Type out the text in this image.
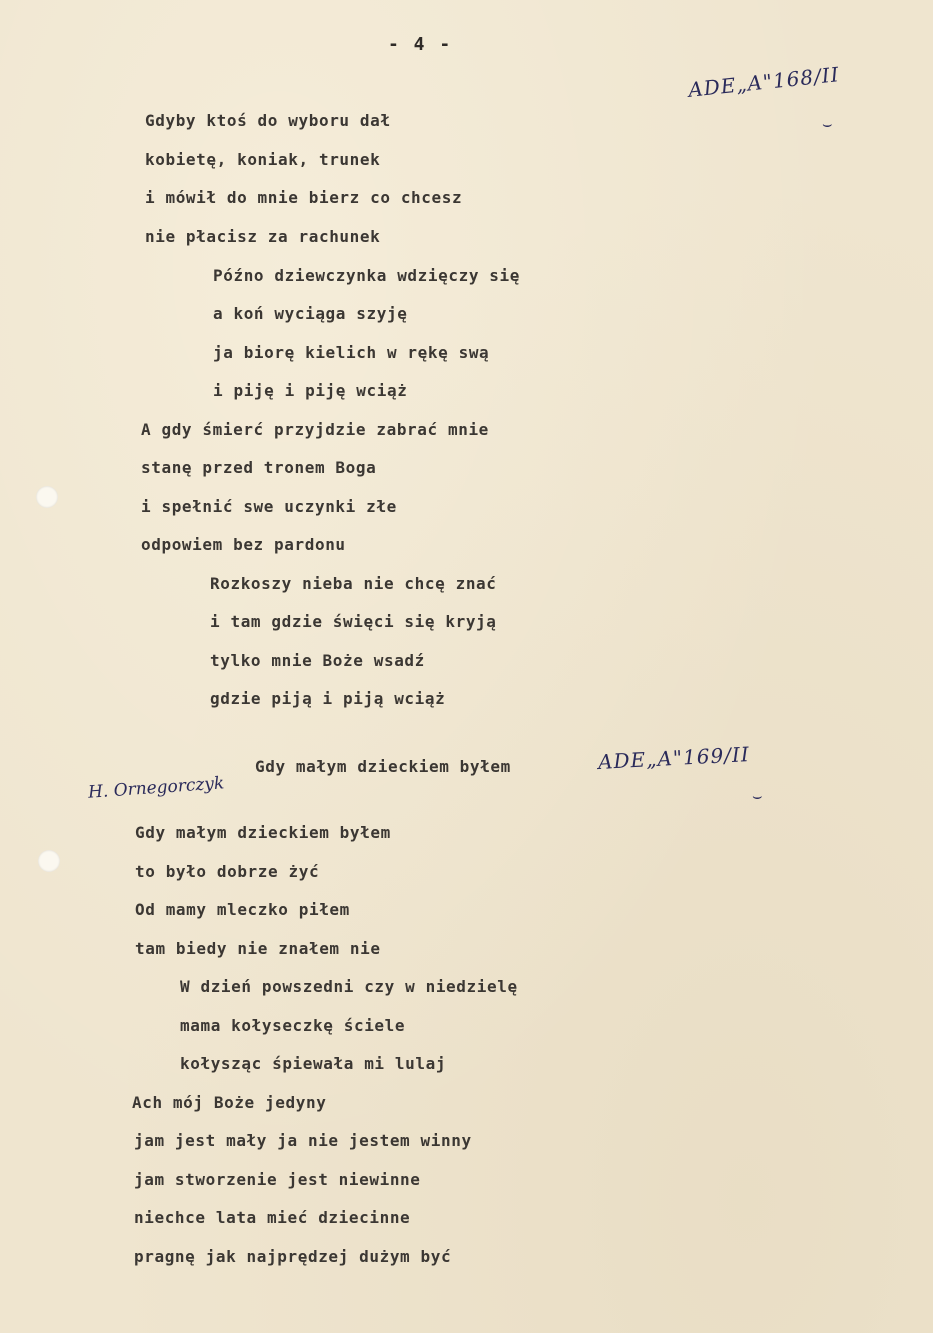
- 4 -
ADE„A"168/II
⌣
Gdyby ktoś do wyboru dał
kobietę, koniak, trunek
i mówił do mnie bierz co chcesz
nie płacisz za rachunek
Późno dziewczynka wdzięczy się
a koń wyciąga szyję
ja biorę kielich w rękę swą
i piję i piję wciąż
A gdy śmierć przyjdzie zabrać mnie
stanę przed tronem Boga
i spełnić swe uczynki złe
odpowiem bez pardonu
Rozkoszy nieba nie chcę znać
i tam gdzie święci się kryją
tylko mnie Boże wsadź
gdzie piją i piją wciąż
Gdy małym dzieckiem byłem
H. Ornegorczyk
ADE„A"169/II
⌣
Gdy małym dzieckiem byłem
to było dobrze żyć
Od mamy mleczko piłem
tam biedy nie znałem nie
W dzień powszedni czy w niedzielę
mama kołyseczkę ściele
kołysząc śpiewała mi lulaj
Ach mój Boże jedyny
jam jest mały ja nie jestem winny
jam stworzenie jest niewinne
niechce lata mieć dziecinne
pragnę jak najprędzej dużym być
